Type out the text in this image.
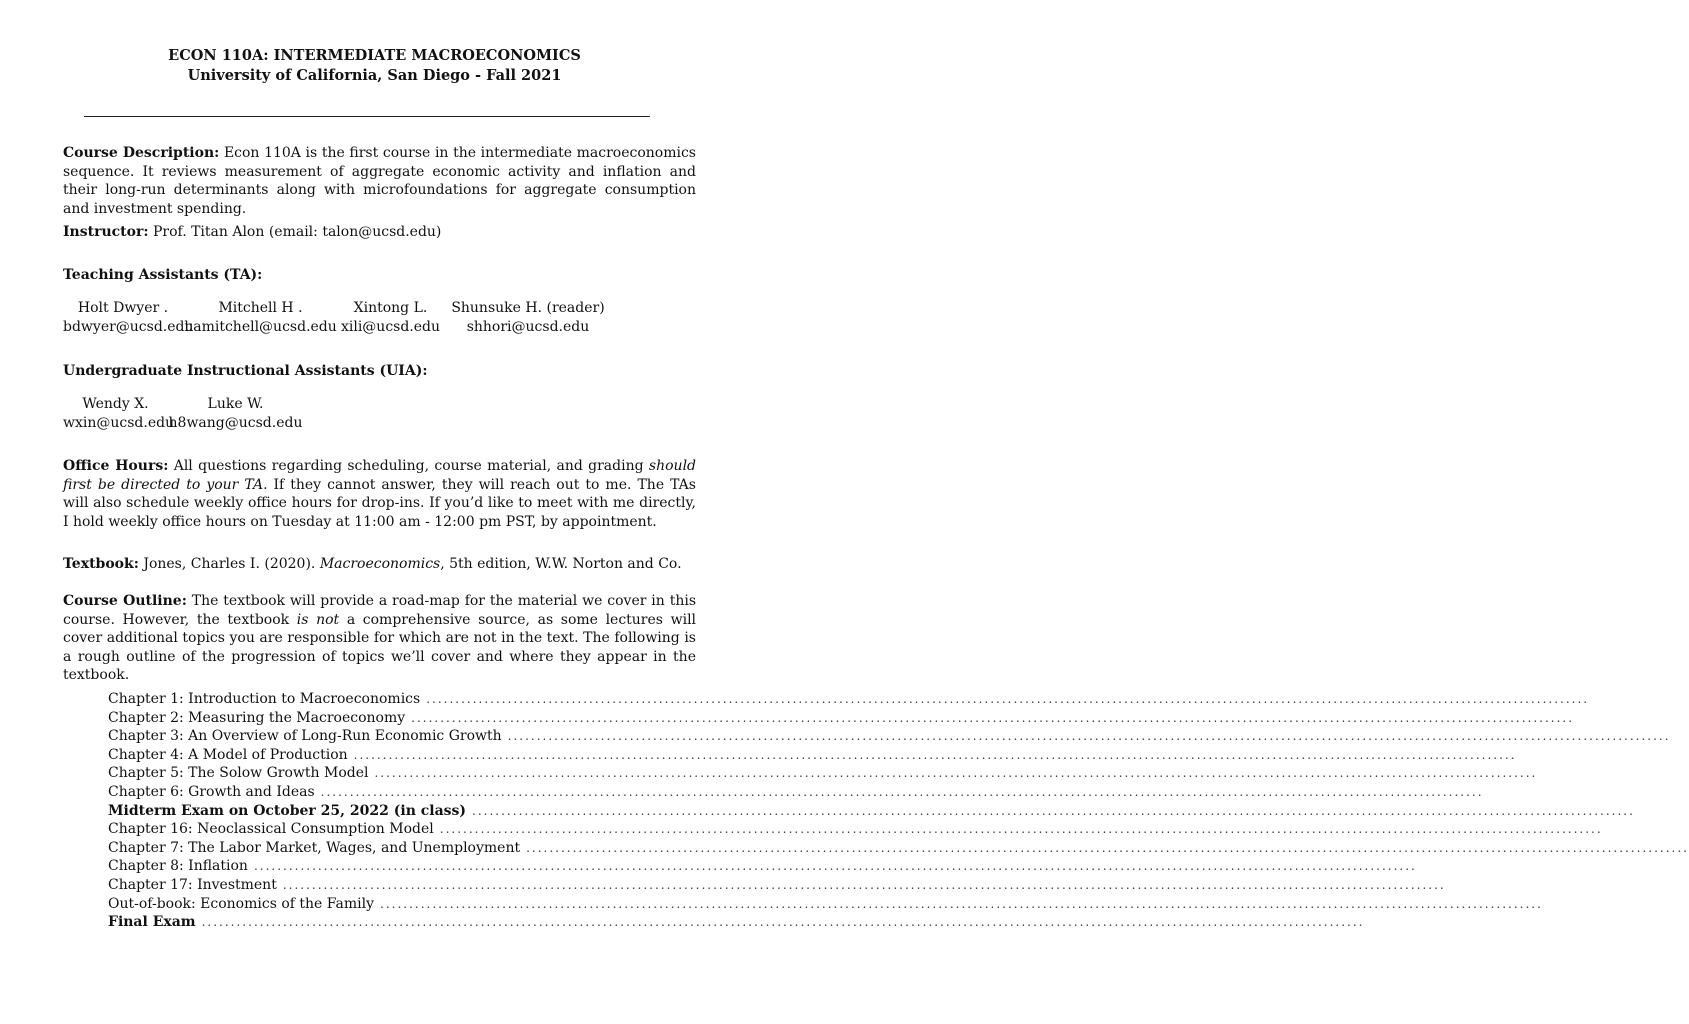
ECON 110A: INTERMEDIATE MACROECONOMICS
University of California, San Diego - Fall 2021
Course Description: Econ 110A is the first course in the intermediate macroeconomics sequence. It reviews measurement of aggregate economic activity and inflation and their long-run determinants along with microfoundations for aggregate consumption and investment spending.
Instructor: Prof. Titan Alon (email: talon@ucsd.edu)
Teaching Assistants (TA):
Holt Dwyer .
bdwyer@ucsd.edu
Mitchell H .
hamitchell@ucsd.edu
Xintong L.
xili@ucsd.edu
Shunsuke H. (reader)
shhori@ucsd.edu
Undergraduate Instructional Assistants (UIA):
Wendy X.
wxin@ucsd.edu
Luke W.
h8wang@ucsd.edu
Office Hours: All questions regarding scheduling, course material, and grading should first be directed to your TA. If they cannot answer, they will reach out to me. The TAs will also schedule weekly office hours for drop-ins. If you’d like to meet with me directly, I hold weekly office hours on Tuesday at 11:00 am - 12:00 pm PST, by appointment.
Textbook: Jones, Charles I. (2020). Macroeconomics, 5th edition, W.W. Norton and Co.
Course Outline: The textbook will provide a road-map for the material we cover in this course. However, the textbook is not a comprehensive source, as some lectures will cover additional topics you are responsible for which are not in the text. The following is a rough outline of the progression of topics we’ll cover and where they appear in the textbook.
Chapter 1: Introduction to Macroeconomics ........................................................................................................................................................................................................
Chapter 2: Measuring the Macroeconomy ........................................................................................................................................................................................................
Chapter 3: An Overview of Long-Run Economic Growth ........................................................................................................................................................................................................
Chapter 4: A Model of Production ........................................................................................................................................................................................................
Chapter 5: The Solow Growth Model ........................................................................................................................................................................................................
Chapter 6: Growth and Ideas ........................................................................................................................................................................................................
Midterm Exam on October 25, 2022 (in class) ........................................................................................................................................................................................................
Chapter 16: Neoclassical Consumption Model ........................................................................................................................................................................................................
Chapter 7: The Labor Market, Wages, and Unemployment ........................................................................................................................................................................................................
Chapter 8: Inflation ........................................................................................................................................................................................................
Chapter 17: Investment ........................................................................................................................................................................................................
Out-of-book: Economics of the Family ........................................................................................................................................................................................................
Final Exam ........................................................................................................................................................................................................
